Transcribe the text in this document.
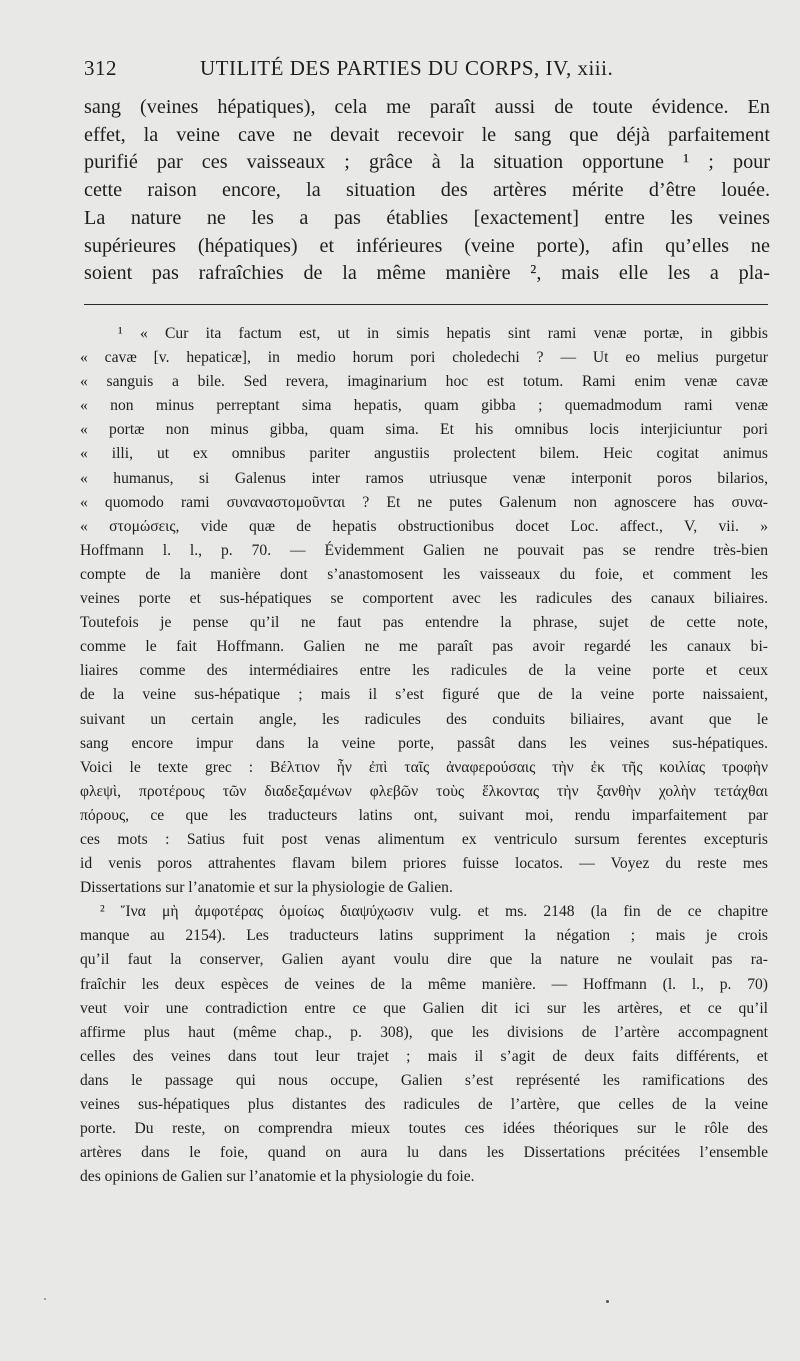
312	UTILITÉ DES PARTIES DU CORPS, IV, xiii.
sang (veines hépatiques), cela me paraît aussi de toute évidence. En
effet, la veine cave ne devait recevoir le sang que déjà parfaitement
purifié par ces vaisseaux ; grâce à la situation opportune ¹ ; pour
cette raison encore, la situation des artères mérite d’être louée.
La nature ne les a pas établies [exactement] entre les veines
supérieures (hépatiques) et inférieures (veine porte), afin qu’elles ne
soient pas rafraîchies de la même manière ², mais elle les a pla-
¹ « Cur ita factum est, ut in simis hepatis sint rami venæ portæ, in gibbis
« cavæ [v. hepaticæ], in medio horum pori choledechi ? — Ut eo melius purgetur
« sanguis a bile. Sed revera, imaginarium hoc est totum. Rami enim venæ cavæ
« non minus perreptant sima hepatis, quam gibba ; quemadmodum rami venæ
« portæ non minus gibba, quam sima. Et his omnibus locis interjiciuntur pori
« illi, ut ex omnibus pariter angustiis prolectent bilem. Heic cogitat animus
« humanus, si Galenus inter ramos utriusque venæ interponit poros bilarios,
« quomodo rami συναναστομοῦνται ? Et ne putes Galenum non agnoscere has συνα-
« στομώσεις, vide quæ de hepatis obstructionibus docet Loc. affect., V, vii. »
Hoffmann l. l., p. 70. — Évidemment Galien ne pouvait pas se rendre très-bien
compte de la manière dont s’anastomosent les vaisseaux du foie, et comment les
veines porte et sus-hépatiques se comportent avec les radicules des canaux biliaires.
Toutefois je pense qu’il ne faut pas entendre la phrase, sujet de cette note,
comme le fait Hoffmann. Galien ne me paraît pas avoir regardé les canaux bi-
liaires comme des intermédiaires entre les radicules de la veine porte et ceux
de la veine sus-hépatique ; mais il s’est figuré que de la veine porte naissaient,
suivant un certain angle, les radicules des conduits biliaires, avant que le
sang encore impur dans la veine porte, passât dans les veines sus-hépatiques.
Voici le texte grec : Βέλτιον ἦν ἐπὶ ταῖς ἀναφερούσαις τὴν ἐκ τῆς κοιλίας τροφὴν
φλεψὶ, προτέρους τῶν διαδεξαμένων φλεβῶν τοὺς ἕλκοντας τὴν ξανθὴν χολὴν τετάχθαι
πόρους, ce que les traducteurs latins ont, suivant moi, rendu imparfaitement par
ces mots : Satius fuit post venas alimentum ex ventriculo sursum ferentes excepturis
id venis poros attrahentes flavam bilem priores fuisse locatos. — Voyez du reste mes
Dissertations sur l’anatomie et sur la physiologie de Galien.
² Ἵνα μὴ ἀμφοτέρας ὁμοίως διαψύχωσιν vulg. et ms. 2148 (la fin de ce chapitre
manque au 2154). Les traducteurs latins suppriment la négation ; mais je crois
qu’il faut la conserver, Galien ayant voulu dire que la nature ne voulait pas ra-
fraîchir les deux espèces de veines de la même manière. — Hoffmann (l. l., p. 70)
veut voir une contradiction entre ce que Galien dit ici sur les artères, et ce qu’il
affirme plus haut (même chap., p. 308), que les divisions de l’artère accompagnent
celles des veines dans tout leur trajet ; mais il s’agit de deux faits différents, et
dans le passage qui nous occupe, Galien s’est représenté les ramifications des
veines sus-hépatiques plus distantes des radicules de l’artère, que celles de la veine
porte. Du reste, on comprendra mieux toutes ces idées théoriques sur le rôle des
artères dans le foie, quand on aura lu dans les Dissertations précitées l’ensemble
des opinions de Galien sur l’anatomie et la physiologie du foie.
